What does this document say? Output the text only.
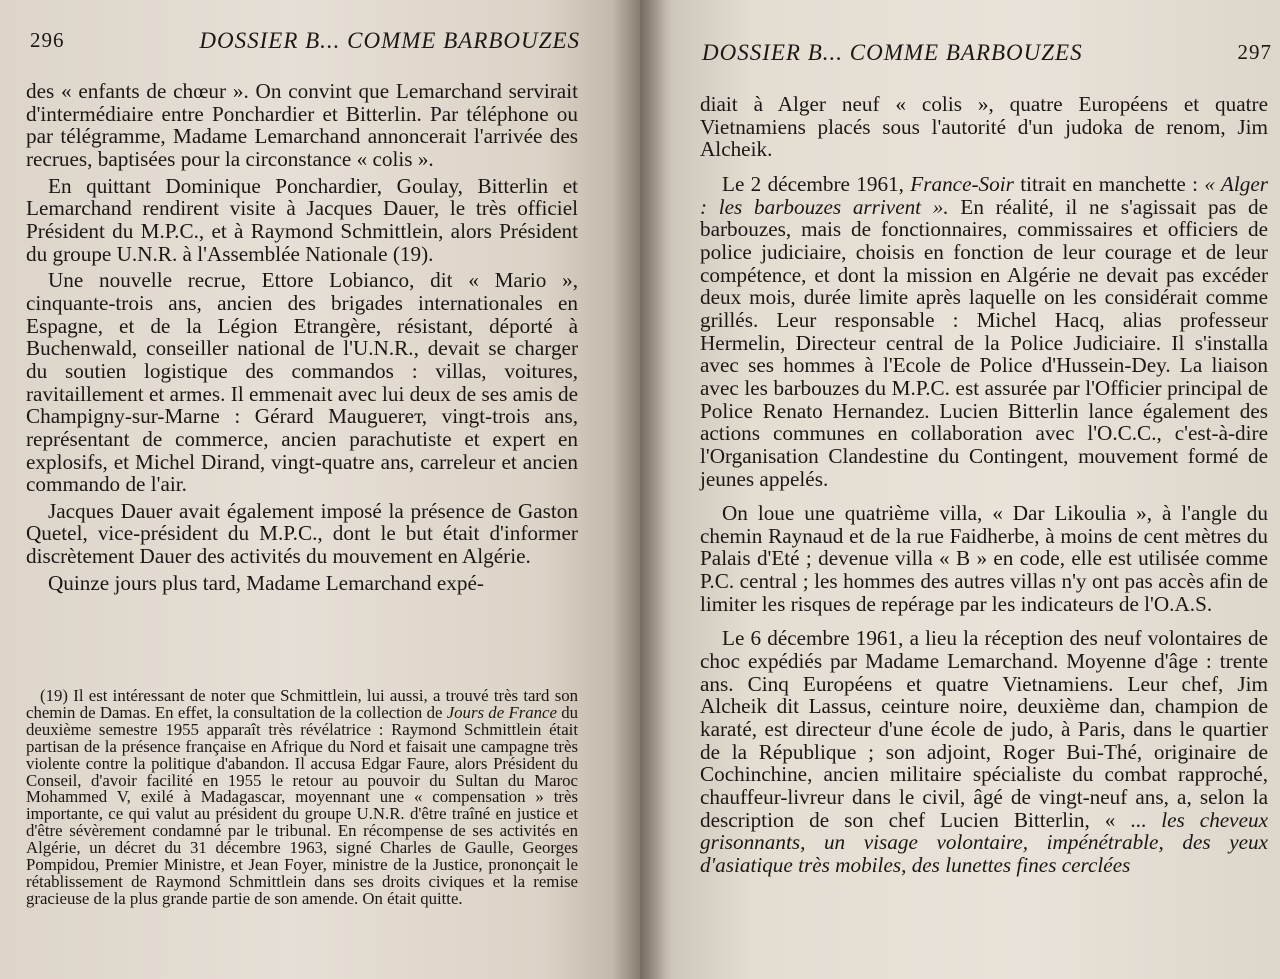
296	DOSSIER B... COMME BARBOUZES

des « enfants de chœur ». On convint que Lemarchand servirait d'intermédiaire entre Ponchardier et Bitterlin. Par téléphone ou par télégramme, Madame Lemarchand annoncerait l'arrivée des recrues, baptisées pour la circonstance « colis ».

En quittant Dominique Ponchardier, Goulay, Bitterlin et Lemarchand rendirent visite à Jacques Dauer, le très officiel Président du M.P.C., et à Raymond Schmittlein, alors Président du groupe U.N.R. à l'Assemblée Nationale (19).

Une nouvelle recrue, Ettore Lobianco, dit « Mario », cinquante-trois ans, ancien des brigades internationales en Espagne, et de la Légion Etrangère, résistant, déporté à Buchenwald, conseiller national de l'U.N.R., devait se charger du soutien logistique des commandos : villas, voitures, ravitaillement et armes. Il emmenait avec lui deux de ses amis de Champigny-sur-Marne : Gérard Mauguerет, vingt-trois ans, représentant de commerce, ancien parachutiste et expert en explosifs, et Michel Dirand, vingt-quatre ans, carreleur et ancien commando de l'air.

Jacques Dauer avait également imposé la présence de Gaston Quetel, vice-président du M.P.C., dont le but était d'informer discrètement Dauer des activités du mouvement en Algérie.

Quinze jours plus tard, Madame Lemarchand expé-

(19) Il est intéressant de noter que Schmittlein, lui aussi, a trouvé très tard son chemin de Damas. En effet, la consultation de la collection de Jours de France du deuxième semestre 1955 apparaît très révélatrice : Raymond Schmittlein était partisan de la présence française en Afrique du Nord et faisait une campagne très violente contre la politique d'abandon. Il accusa Edgar Faure, alors Président du Conseil, d'avoir facilité en 1955 le retour au pouvoir du Sultan du Maroc Mohammed V, exilé à Madagascar, moyennant une « compensation » très importante, ce qui valut au président du groupe U.N.R. d'être traîné en justice et d'être sévèrement condamné par le tribunal. En récompense de ses activités en Algérie, un décret du 31 décembre 1963, signé Charles de Gaulle, Georges Pompidou, Premier Ministre, et Jean Foyer, ministre de la Justice, prononçait le rétablissement de Raymond Schmittlein dans ses droits civiques et la remise gracieuse de la plus grande partie de son amende. On était quitte.

DOSSIER B... COMME BARBOUZES	297

diait à Alger neuf « colis », quatre Européens et quatre Vietnamiens placés sous l'autorité d'un judoka de renom, Jim Alcheik.

Le 2 décembre 1961, France-Soir titrait en manchette : « Alger : les barbouzes arrivent ». En réalité, il ne s'agissait pas de barbouzes, mais de fonctionnaires, commissaires et officiers de police judiciaire, choisis en fonction de leur courage et de leur compétence, et dont la mission en Algérie ne devait pas excéder deux mois, durée limite après laquelle on les considérait comme grillés. Leur responsable : Michel Hacq, alias professeur Hermelin, Directeur central de la Police Judiciaire. Il s'installa avec ses hommes à l'Ecole de Police d'Hussein-Dey. La liaison avec les barbouzes du M.P.C. est assurée par l'Officier principal de Police Renato Hernandez. Lucien Bitterlin lance également des actions communes en collaboration avec l'O.C.C., c'est-à-dire l'Organisation Clandestine du Contingent, mouvement formé de jeunes appelés.

On loue une quatrième villa, « Dar Likoulia », à l'angle du chemin Raynaud et de la rue Faidherbe, à moins de cent mètres du Palais d'Eté ; devenue villa « B » en code, elle est utilisée comme P.C. central ; les hommes des autres villas n'y ont pas accès afin de limiter les risques de repérage par les indicateurs de l'O.A.S.

Le 6 décembre 1961, a lieu la réception des neuf volontaires de choc expédiés par Madame Lemarchand. Moyenne d'âge : trente ans. Cinq Européens et quatre Vietnamiens. Leur chef, Jim Alcheik dit Lassus, ceinture noire, deuxième dan, champion de karaté, est directeur d'une école de judo, à Paris, dans le quartier de la République ; son adjoint, Roger Bui-Thé, originaire de Cochinchine, ancien militaire spécialiste du combat rapproché, chauffeur-livreur dans le civil, âgé de vingt-neuf ans, a, selon la description de son chef Lucien Bitterlin, « ... les cheveux grisonnants, un visage volontaire, impénétrable, des yeux d'asiatique très mobiles, des lunettes fines cerclées
